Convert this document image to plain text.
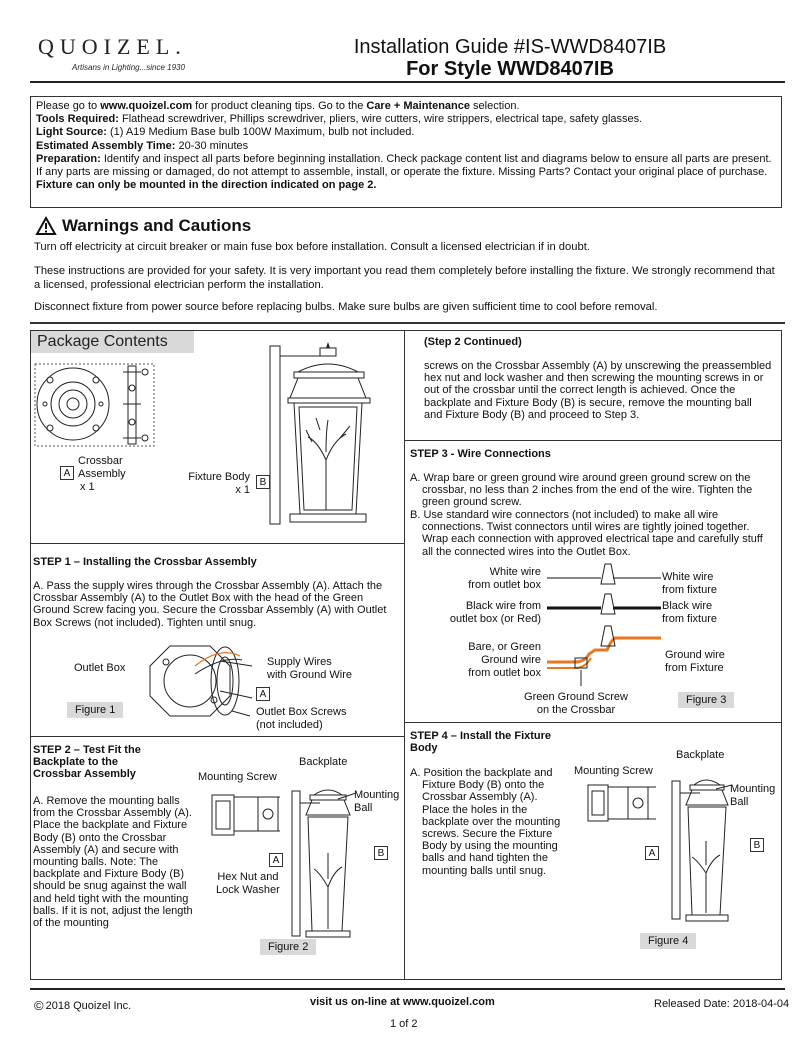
QUOIZEL.
Artisans in Lighting...since 1930
Installation Guide #IS-WWD8407IB
For Style WWD8407IB

Please go to www.quoizel.com for product cleaning tips. Go to the Care + Maintenance selection.

Tools Required: Flathead screwdriver, Phillips screwdriver, pliers, wire cutters, wire strippers, electrical tape, safety glasses.

Light Source: (1) A19 Medium Base bulb 100W Maximum, bulb not included.

Estimated Assembly Time: 20-30 minutes

Preparation: Identify and inspect all parts before beginning installation. Check package content list and diagrams below to ensure all parts are present. If any parts are missing or damaged, do not attempt to assemble, install, or operate the fixture. Missing Parts? Contact your original place of purchase.

Fixture can only be mounted in the direction indicated on page 2.

Warnings and Cautions
Turn off electricity at circuit breaker or main fuse box before installation. Consult a licensed electrician if in doubt.
These instructions are provided for your safety. It is very important you read them completely before installing the fixture. We strongly recommend that a licensed, professional electrician perform the installation.
Disconnect fixture from power source before replacing bulbs. Make sure bulbs are given sufficient time to cool before removal.
Package Contents
A
Crossbar
Assembly
x 1
Fixture Body
x 1
B
STEP 1 – Installing the Crossbar Assembly
A. Pass the supply wires through the Crossbar Assembly (A). Attach the Crossbar Assembly (A) to the Outlet Box with the head of the Green Ground Screw facing you. Secure the Crossbar Assembly (A) with Outlet Box Screws (not included). Tighten until snug.
Outlet Box	Supply Wires
with Ground Wire
A
Outlet Box Screws
(not included)
Figure 1
STEP 2 – Test Fit the Backplate to the Crossbar Assembly
A. Remove the mounting balls from the Crossbar Assembly (A). Place the backplate and Fixture Body (B) onto the Crossbar Assembly (A) and secure with mounting balls. Note: The backplate and Fixture Body (B) should be snug against the wall and held tight with the mounting balls. If it is not, adjust the length of the mounting
Mounting Screw
Backplate
Mounting
Ball
A
B
Hex Nut and
Lock Washer
Figure 2
(Step 2 Continued)
screws on the Crossbar Assembly (A) by unscrewing the preassembled hex nut and lock washer and then screwing the mounting screws in or out of the crossbar until the correct length is achieved. Once the backplate and Fixture Body (B) is secure, remove the mounting ball and Fixture Body (B) and proceed to Step 3.
STEP 3 - Wire Connections
A. Wrap bare or green ground wire around green ground screw on the crossbar, no less than 2 inches from the end of the wire. Tighten the green ground screw.
B. Use standard wire connectors (not included) to make all wire connections. Twist connectors until wires are tightly joined together. Wrap each connection with approved electrical tape and carefully stuff all the connected wires into the Outlet Box.
White wire
from outlet box
White wire
from fixture
Black wire from
outlet box (or Red)
Black wire
from fixture
Bare, or Green
Ground wire
from outlet box
Ground wire
from Fixture
Green Ground Screw
on the Crossbar
Figure 3
STEP 4 – Install the Fixture Body
A. Position the backplate and Fixture Body (B) onto the Crossbar Assembly (A). Place the holes in the backplate over the mounting screws. Secure the Fixture Body by using the mounting balls and hand tighten the mounting balls until snug.
Backplate
Mounting Screw
Mounting
Ball
A
B
Figure 4
© 2018 Quoizel Inc.	visit us on-line at www.quoizel.com	Released Date: 2018-04-04
1 of 2
